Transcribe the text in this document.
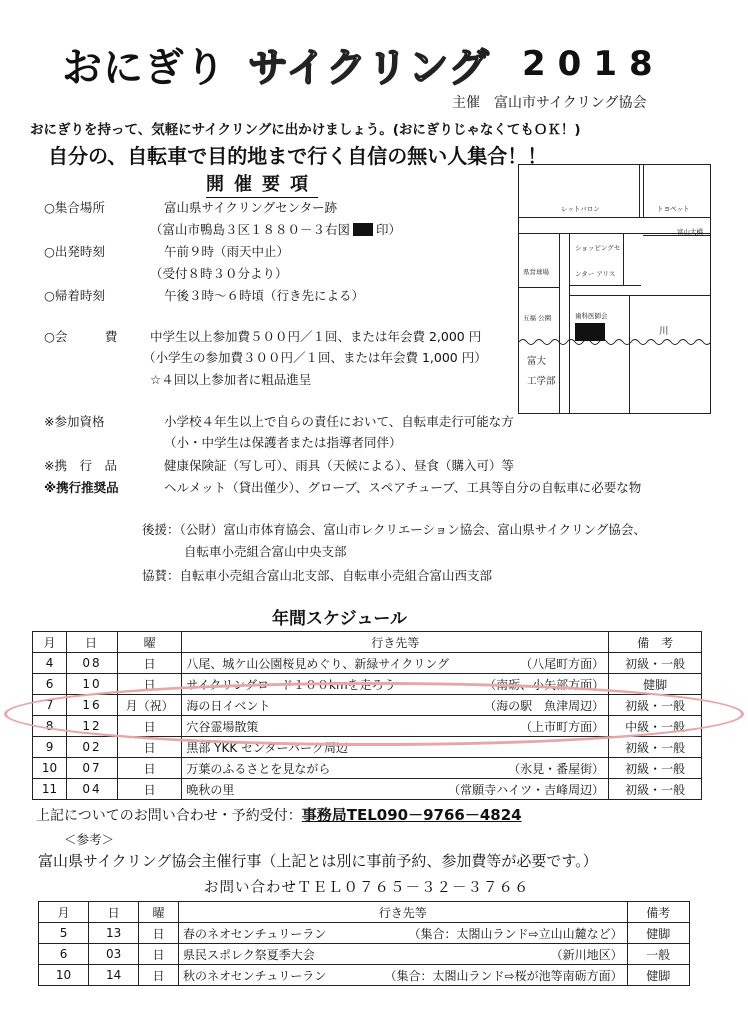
おにぎり サイクリング 2018
主催　富山市サイクリング協会
おにぎりを持って、気軽にサイクリングに出かけましょう。(おにぎりじゃなくてもＯＫ！)
自分の、自転車で目的地まで行く自信の無い人集合！！
開催要項
○集合場所	富山県サイクリングセンター跡
（富山市鴨島３区１８８０－３右図 印）
○出発時刻	午前９時（雨天中止）
（受付８時３０分より）
○帰着時刻	午後３時～６時頃（行き先による）
○会　　　費	中学生以上参加費５００円／１回、または年会費 2,000 円
（小学生の参加費３００円／１回、または年会費 1,000 円）
☆４回以上参加者に粗品進呈
※参加資格	小学校４年生以上で自らの責任において、自転車走行可能な方
（小・中学生は保護者または指導者同伴）
※携　行　品	健康保険証（写し可）、雨具（天候による）、昼食（購入可）等
※携行推奨品	ヘルメット（貸出僅少）、グローブ、スペアチューブ、工具等自分の自転車に必要な物
後援：（公財）富山市体育協会、富山市レクリエーション協会、富山県サイクリング協会、
自転車小売組合富山中央支部
協賛：自転車小売組合富山北支部、自転車小売組合富山西支部
レットバロン	トヨペット
富山大橋
ショッピングセ
ンター アリス
県営球場
五福 公園	歯科医師会
川
富大
工学部
年間スケジュール
月	日	曜	行き先等	備　考
4	08	日	八尾、城ケ山公園桜見めぐり、新緑サイクリング （八尾町方面）	初級・一般
6	10	日	サイクリングロード１００kmを走ろう （南砺、小矢部方面）	健脚
7	16	月（祝）	海の日イベント （海の駅　魚津周辺）	初級・一般
8	12	日	穴谷霊場散策 （上市町方面）	中級・一般
9	02	日	黒部 YKK センターパーク周辺	初級・一般
10	07	日	万葉のふるさとを見ながら （氷見・番屋街）	初級・一般
11	04	日	晩秋の里 （常願寺ハイツ・吉峰周辺）	初級・一般
上記についてのお問い合わせ・予約受付：事務局TEL090－9766－4824
＜参考＞
富山県サイクリング協会主催行事（上記とは別に事前予約、参加費等が必要です。）
お問い合わせＴＥＬ０７６５－３２－３７６６
月	日	曜	行き先等	備考
5	13	日	春のネオセンチュリーラン （集合：太閤山ランド⇨立山山麓など）	健脚
6	03	日	県民スポレク祭夏季大会 （新川地区）	一般
10	14	日	秋のネオセンチュリーラン （集合：太閤山ランド⇨桜が池等南砺方面）	健脚
